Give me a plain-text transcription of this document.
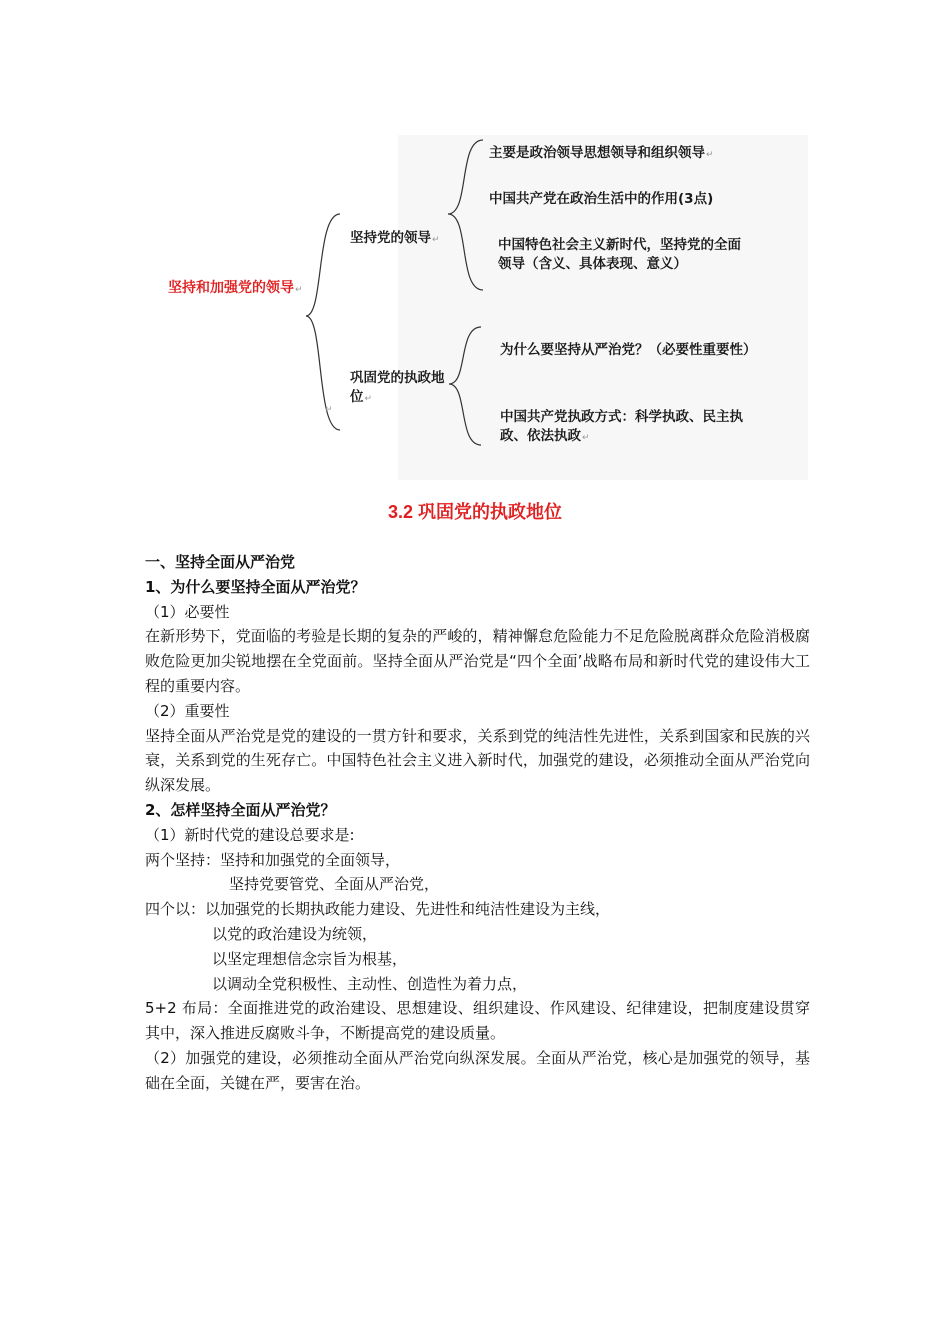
坚持和加强党的领导↵
坚持党的领导↵
主要是政治领导思想领导和组织领导↵
中国共产党在政治生活中的作用(3点)
中国特色社会主义新时代，坚持党的全面领导（含义、具体表现、意义）
巩固党的执政地位↵
为什么要坚持从严治党？（必要性重要性）
中国共产党执政方式：科学执政、民主执政、依法执政↵
↵
3.2 巩固党的执政地位
一、坚持全面从严治党
1、为什么要坚持全面从严治党？
（1）必要性
在新形势下，党面临的考验是长期的复杂的严峻的，精神懈怠危险能力不足危险脱离群众危险消极腐败危险更加尖锐地摆在全党面前。坚持全面从严治党是“四个全面’战略布局和新时代党的建设伟大工程的重要内容。
（2）重要性
坚持全面从严治党是党的建设的一贯方针和要求，关系到党的纯洁性先进性，关系到国家和民族的兴衰，关系到党的生死存亡。中国特色社会主义进入新时代，加强党的建设，必须推动全面从严治党向纵深发展。
2、怎样坚持全面从严治党？
（1）新时代党的建设总要求是:
两个坚持：坚持和加强党的全面领导，
坚持党要管党、全面从严治党，
四个以：以加强党的长期执政能力建设、先进性和纯洁性建设为主线，
以党的政治建设为统领，
以坚定理想信念宗旨为根基，
以调动全党积极性、主动性、创造性为着力点，
5+2 布局：全面推进党的政治建设、思想建设、组织建设、作风建设、纪律建设，把制度建设贯穿其中，深入推进反腐败斗争，不断提高党的建设质量。
（2）加强党的建设，必须推动全面从严治党向纵深发展。全面从严治党，核心是加强党的领导，基础在全面，关键在严，要害在治。
